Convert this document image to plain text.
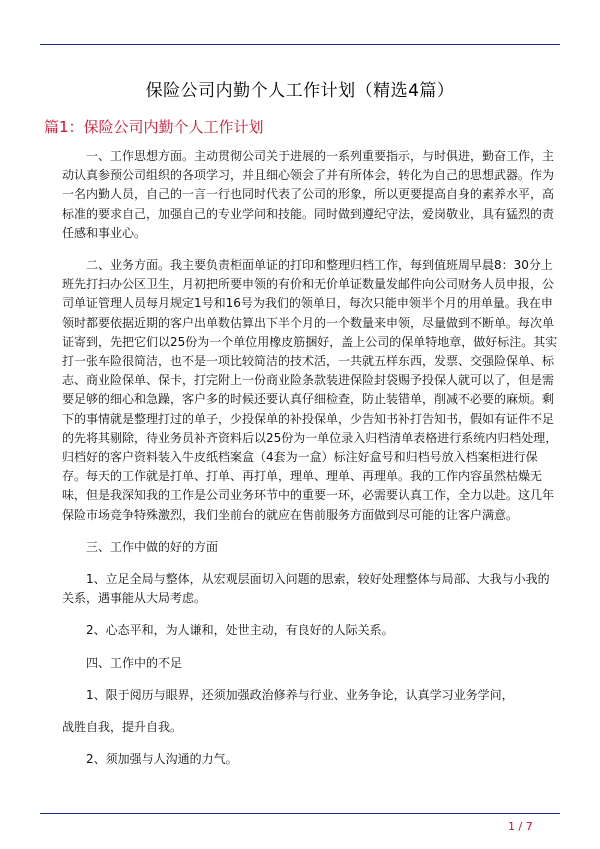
保险公司内勤个人工作计划（精选4篇）
篇1：保险公司内勤个人工作计划

一、工作思想方面。主动贯彻公司关于进展的一系列重要指示，与时俱进，勤奋工作，主动认真参预公司组织的各项学习，并且细心领会了并有所体会，转化为自己的思想武器。作为一名内勤人员，自己的一言一行也同时代表了公司的形象，所以更要提高自身的素养水平，高标准的要求自己，加强自己的专业学问和技能。同时做到遵纪守法，爱岗敬业，具有猛烈的责任感和事业心。

二、业务方面。我主要负责柜面单证的打印和整理归档工作，每到值班周早晨8：30分上班先打扫办公区卫生，月初把所要申领的有价和无价单证数量发邮件向公司财务人员申报，公司单证管理人员每月规定1号和16号为我们的领单日，每次只能申领半个月的用单量。我在申领时都要依据近期的客户出单数估算出下半个月的一个数量来申领，尽量做到不断单。每次单证寄到，先把它们以25份为一个单位用橡皮筋捆好，盖上公司的保单特地章，做好标注。其实打一张车险很简洁，也不是一项比较简洁的技术活，一共就五样东西，发票、交强险保单、标志、商业险保单、保卡，打完附上一份商业险条款装进保险封袋赐予投保人就可以了，但是需要足够的细心和急躁，客户多的时候还要认真仔细检查，防止装错单，削减不必要的麻烦。剩下的事情就是整理打过的单子，少投保单的补投保单，少告知书补打告知书，假如有证件不足的先将其剔除，待业务员补齐资料后以25份为一单位录入归档清单表格进行系统内归档处理，归档好的客户资料装入牛皮纸档案盒（4套为一盒）标注好盒号和归档号放入档案柜进行保存。每天的工作就是打单、打单、再打单，理单、理单、再理单。我的工作内容虽然枯燥无味，但是我深知我的工作是公司业务环节中的重要一环，必需要认真工作，全力以赴。这几年保险市场竞争特殊激烈，我们坐前台的就应在售前服务方面做到尽可能的让客户满意。

三、工作中做的好的方面

1、立足全局与整体，从宏观层面切入问题的思索，较好处理整体与局部、大我与小我的关系，遇事能从大局考虑。

2、心态平和，为人谦和，处世主动，有良好的人际关系。

四、工作中的不足

1、限于阅历与眼界，还须加强政治修养与行业、业务争论，认真学习业务学问，

战胜自我，提升自我。

2、须加强与人沟通的力气。

1 / 7
